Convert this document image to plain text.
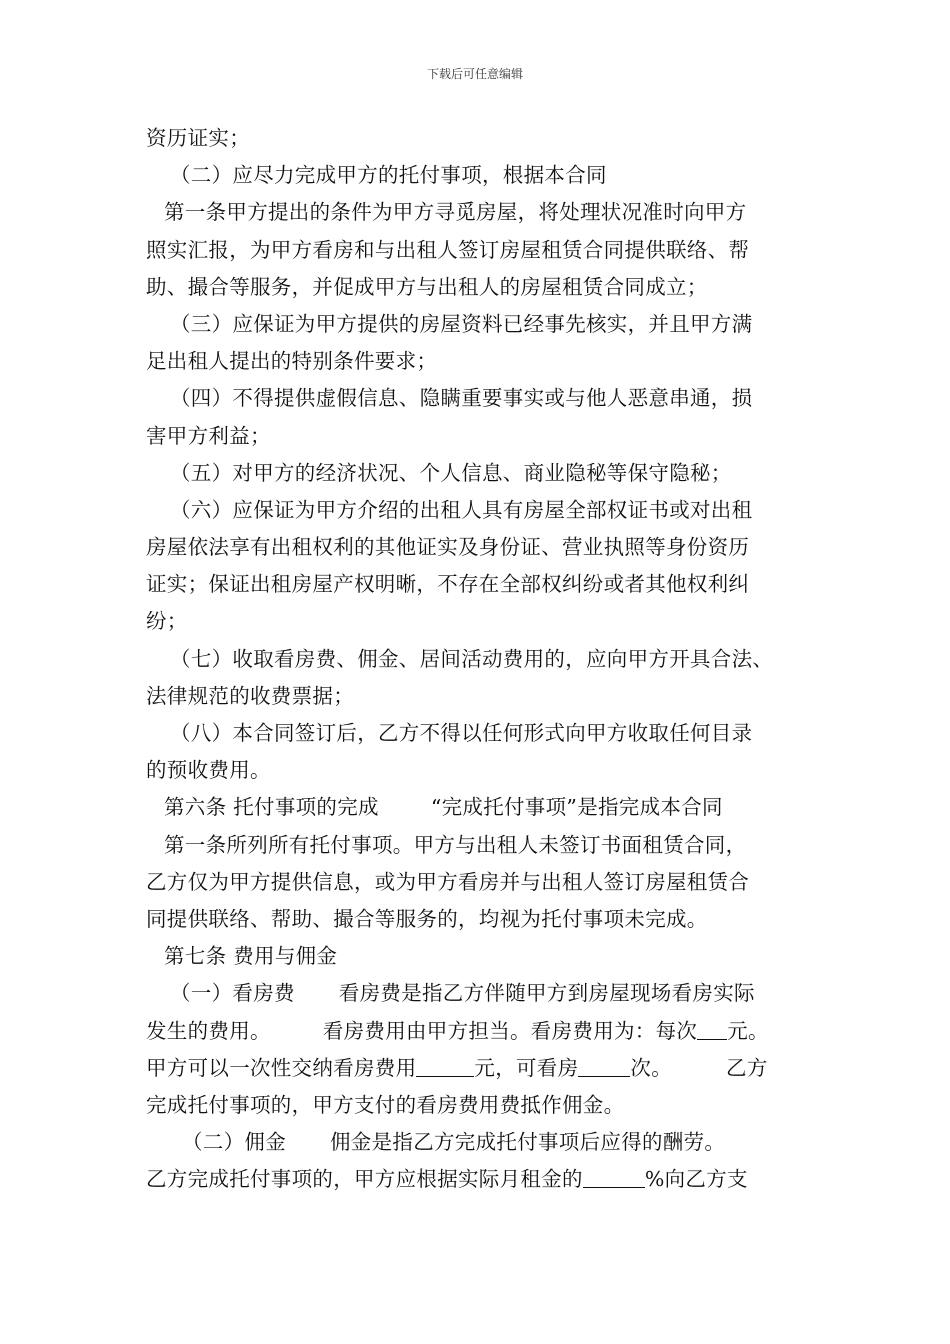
下载后可任意编辑
资历证实；
（二）应尽力完成甲方的托付事项，根据本合同
第一条甲方提出的条件为甲方寻觅房屋，将处理状况准时向甲方
照实汇报，为甲方看房和与出租人签订房屋租赁合同提供联络、帮
助、撮合等服务，并促成甲方与出租人的房屋租赁合同成立；
（三）应保证为甲方提供的房屋资料已经事先核实，并且甲方满
足出租人提出的特别条件要求；
（四）不得提供虚假信息、隐瞒重要事实或与他人恶意串通，损
害甲方利益；
（五）对甲方的经济状况、个人信息、商业隐秘等保守隐秘；
（六）应保证为甲方介绍的出租人具有房屋全部权证书或对出租
房屋依法享有出租权利的其他证实及身份证、营业执照等身份资历
证实；保证出租房屋产权明晰，不存在全部权纠纷或者其他权利纠
纷；
（七）收取看房费、佣金、居间活动费用的，应向甲方开具合法、
法律规范的收费票据；
（八）本合同签订后，乙方不得以任何形式向甲方收取任何目录
的预收费用。
第六条 托付事项的完成	“完成托付事项”是指完成本合同
第一条所列所有托付事项。甲方与出租人未签订书面租赁合同，
乙方仅为甲方提供信息，或为甲方看房并与出租人签订房屋租赁合
同提供联络、帮助、撮合等服务的，均视为托付事项未完成。
第七条 费用与佣金
（一）看房费 看房费是指乙方伴随甲方到房屋现场看房实际
发生的费用。	看房费用由甲方担当。看房费用为：每次 元。
甲方可以一次性交纳看房费用	元，可看房	次。	乙方
完成托付事项的，甲方支付的看房费用费抵作佣金。
（二）佣金 佣金是指乙方完成托付事项后应得的酬劳。
乙方完成托付事项的，甲方应根据实际月租金的	%向乙方支
